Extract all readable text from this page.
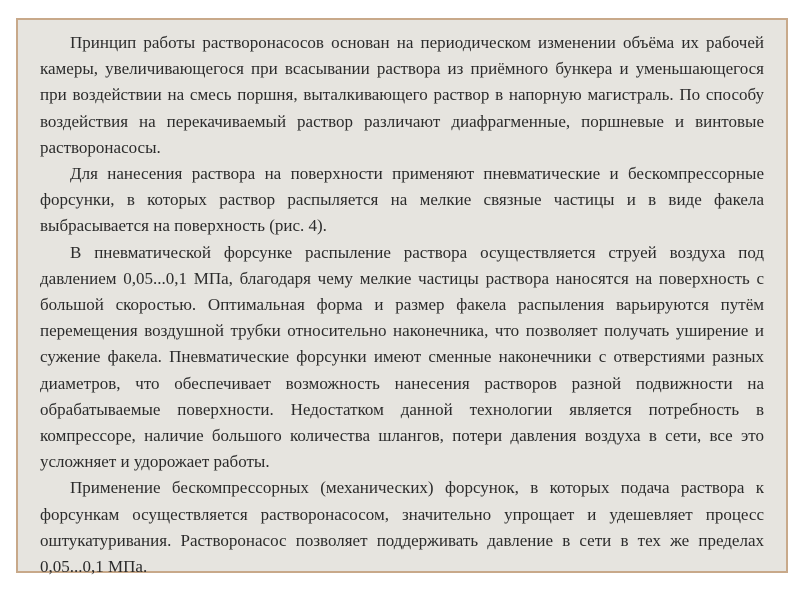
Принцип работы растворонасосов основан на периодическом изменении объёма их рабочей камеры, увеличивающегося при всасывании раствора из приёмного бункера и уменьшающегося при воздействии на смесь поршня, выталкивающего раствор в напорную магистраль. По способу воздействия на перекачиваемый раствор различают диафрагменные, поршневые и винтовые растворонасосы.

Для нанесения раствора на поверхности применяют пневматические и бескомпрессорные форсунки, в которых раствор распыляется на мелкие связные частицы и в виде факела выбрасывается на поверхность (рис. 4).

В пневматической форсунке распыление раствора осуществляется струей воздуха под давлением 0,05...0,1 МПа, благодаря чему мелкие частицы раствора наносятся на поверхность с большой скоростью. Оптимальная форма и размер факела распыления варьируются путём перемещения воздушной трубки относительно наконечника, что позволяет получать уширение и сужение факела. Пневматические форсунки имеют сменные наконечники с отверстиями разных диаметров, что обеспечивает возможность нанесения растворов разной подвижности на обрабатываемые поверхности. Недостатком данной технологии является потребность в компрессоре, наличие большого количества шлангов, потери давления воздуха в сети, все это усложняет и удорожает работы.

Применение бескомпрессорных (механических) форсунок, в которых подача раствора к форсункам осуществляется растворонасосом, значительно упрощает и удешевляет процесс оштукатуривания. Растворонасос позволяет поддерживать давление в сети в тех же пределах 0,05...0,1 МПа.
